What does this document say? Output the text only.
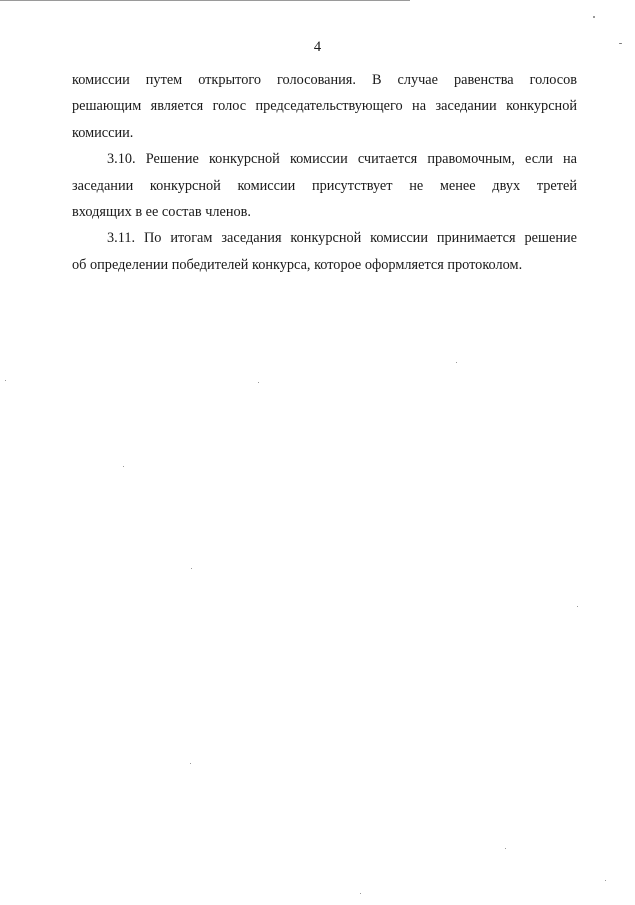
4
комиссии путем открытого голосования. В случае равенства голосов
решающим является голос председательствующего на заседании конкурсной
комиссии.
3.10. Решение конкурсной комиссии считается правомочным, если на
заседании конкурсной комиссии присутствует не менее двух третей
входящих в ее состав членов.
3.11. По итогам заседания конкурсной комиссии принимается решение
об определении победителей конкурса, которое оформляется протоколом.
